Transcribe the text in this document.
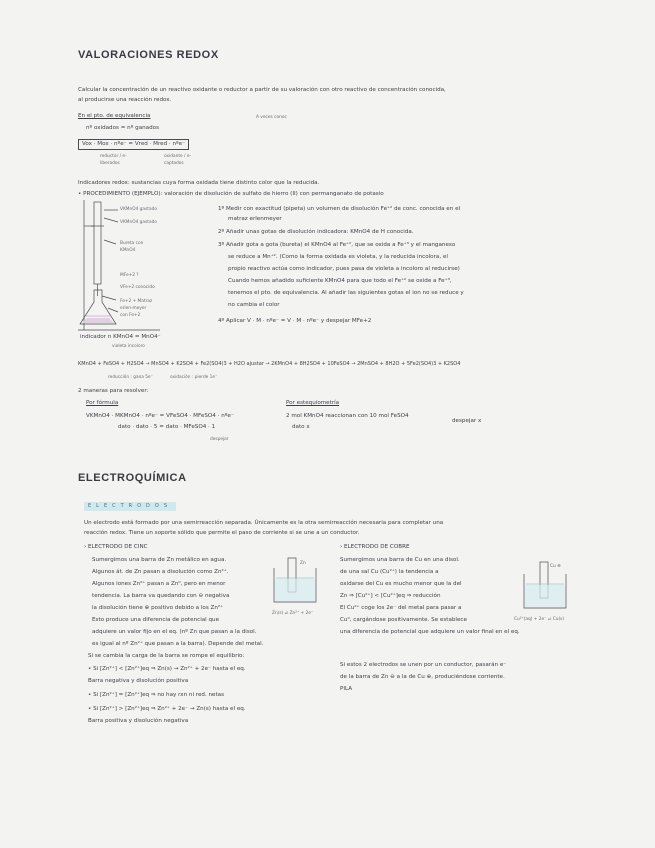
VALORACIONES REDOX
Calcular la concentración de un reactivo oxidante o reductor a partir de su valoración con otro reactivo de concentración conocida,
al producirse una reacción redox.
En el pto. de equivalencia	A veces conoc
nº oxidados = nº ganados
Vox · Mox · nºe⁻ = Vred · Mred · nºe⁻
reductor / e-liberados
oxidante / e-captados
Indicadores redox: sustancias cuya forma oxidada tiene distinto color que la reducida.
• PROCEDIMIENTO (EJEMPLO): valoración de disolución de sulfato de hierro (II) con permanganato de potasio
VKMnO4 gastado
VKMnO4 gastado
Bureta con KMnO4
MFe+2 ?
VFe+2 conocido
Fe+2 + Matraz erlen-meyer con Fe+2
indicador n KMnO4 = MnO4⁻
violeta incoloro
1º Medir con exactitud (pipeta) un volumen de disolución Fe⁺² de conc. conocida en el
matraz erlenmeyer
2º Añadir unas gotas de disolución indicadora: KMnO4 de H conocida.
3º Añadir gota a gota (bureta) el KMnO4 al Fe⁺², que se oxida a Fe⁺³ y el manganeso
se reduce a Mn⁺². (Como la forma oxidada es violeta, y la reducida incolora, el
propio reactivo actúa como indicador, pues pasa de violeta a incoloro al reducirse)
Cuando hemos añadido suficiente KMnO4 para que todo el Fe⁺² se oxide a Fe⁺³,
tenemos el pto. de equivalencia. Al añadir las siguientes gotas el ion no se reduce y
no cambia el color
4º Aplicar V · M · nºe⁻ = V · M · nºe⁻ y despejar MFe+2
KMnO4 + FeSO4 + H2SO4 → MnSO4 + K2SO4 + Fe2(SO4)3 + H2O ajustar → 2KMnO4 + 8H2SO4 + 10FeSO4 → 2MnSO4 + 8H2O + 5Fe2(SO4)3 + K2SO4
reducción : gana 5e⁻	oxidación : pierde 1e⁻
2 maneras para resolver:
Por fórmula
VKMnO4 · MKMnO4 · nºe⁻ = VFeSO4 · MFeSO4 · nºe⁻
dato · dato · 5 = dato · MFeSO4 · 1
despejar
Por estequiometría
2 mol KMnO4 reaccionan con 10 mol FeSO4
dato x
despejar x
ELECTROQUÍMICA
ELECTRODOS
Un electrodo está formado por una semirreacción separada. Únicamente es la otra semirreacción necesaria para completar una
reacción redox. Tiene un soporte sólido que permite el paso de corriente si se une a un conductor.
› ELECTRODO DE CINC
Sumergimos una barra de Zn metálico en agua.
Algunos át. de Zn pasan a disolución como Zn²⁺.
Algunos iones Zn²⁺ pasan a Zn⁰, pero en menor
tendencia. La barra va quedando con ⊖ negativa
la disolución tiene ⊕ positivo debido a los Zn²⁺
Esto produce una diferencia de potencial que
adquiere un valor fijo en el eq. (nº Zn que pasan a la disol.
es igual al nº Zn²⁺ que pasan a la barra). Depende del metal.
Si se cambia la carga de la barra se rompe el equilibrio:
• Si [Zn²⁺] < [Zn²⁺]eq ⇒ Zn(s) → Zn²⁺ + 2e⁻ hasta el eq.
Barra negativa y disolución positiva
• Si [Zn²⁺] = [Zn²⁺]eq ⇒ no hay rxn ni red. netas
• Si [Zn²⁺] > [Zn²⁺]eq ⇒ Zn²⁺ + 2e⁻ → Zn(s) hasta el eq.
Barra positiva y disolución negativa
Zn
Zn(s) ⇌ Zn²⁺ + 2e⁻
› ELECTRODO DE COBRE
Sumergimos una barra de Cu en una disol.
de una sal Cu (Cu²⁺) la tendencia a
oxidarse del Cu es mucho menor que la del
Zn ⇒ [Cu²⁺] < [Cu²⁺]eq ⇒ reducción
El Cu²⁺ coge los 2e⁻ del metal para pasar a
Cu⁰, cargándose positivamente. Se establece
una diferencia de potencial que adquiere un valor final en el eq.
Cu ⊕
Cu²⁺(aq) + 2e⁻ ⇌ Cu(s)
Si estos 2 electrodos se unen por un conductor, pasarán e⁻
de la barra de Zn ⊖ a la de Cu ⊕, produciéndose corriente.
PILA
